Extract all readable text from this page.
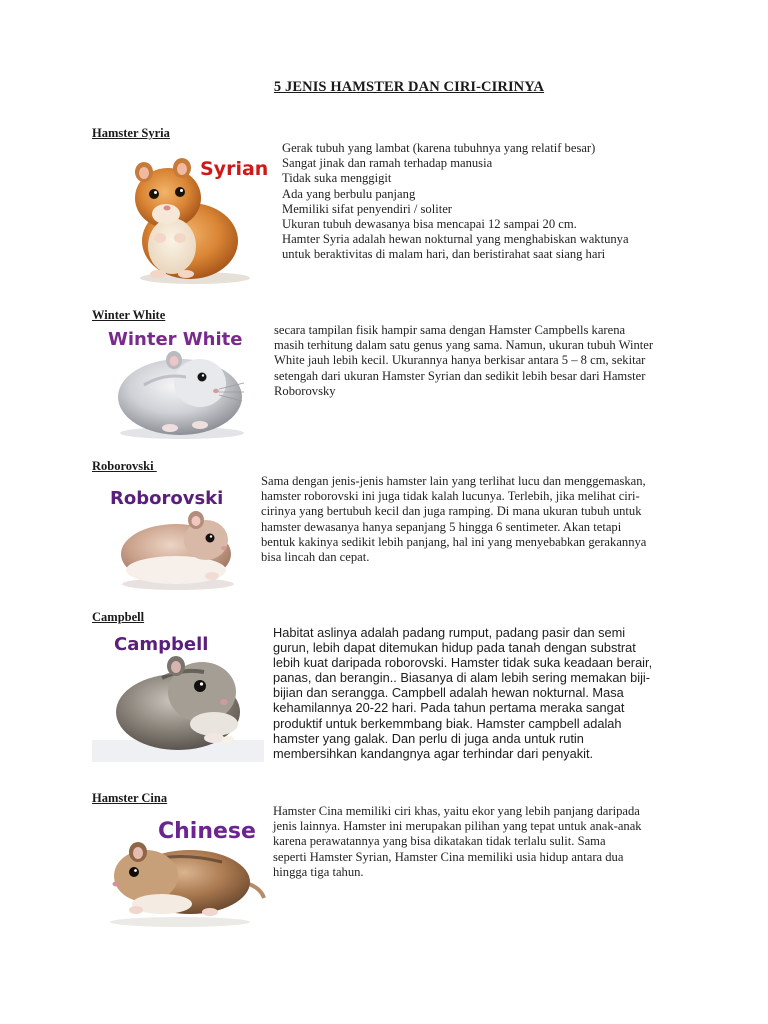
5 JENIS HAMSTER DAN CIRI-CIRINYA
Hamster Syria
Syrian
Gerak tubuh yang lambat (karena tubuhnya yang relatif besar)
Sangat jinak dan ramah terhadap manusia
Tidak suka menggigit
Ada yang berbulu panjang
Memiliki sifat penyendiri / soliter
Ukuran tubuh dewasanya bisa mencapai 12 sampai 20 cm.
Hamter Syria adalah hewan nokturnal yang menghabiskan waktunya
untuk beraktivitas di malam hari, dan beristirahat saat siang hari
Winter White
Winter White	secara tampilan fisik hampir sama dengan Hamster Campbells karena
masih terhitung dalam satu genus yang sama. Namun, ukuran tubuh Winter
White jauh lebih kecil. Ukurannya hanya berkisar antara 5 – 8 cm, sekitar
setengah dari ukuran Hamster Syrian dan sedikit lebih besar dari Hamster
Roborovsky
Roborovski
Roborovski
Sama dengan jenis-jenis hamster lain yang terlihat lucu dan menggemaskan,
hamster roborovski ini juga tidak kalah lucunya. Terlebih, jika melihat ciri-
cirinya yang bertubuh kecil dan juga ramping. Di mana ukuran tubuh untuk
hamster dewasanya hanya sepanjang 5 hingga 6 sentimeter. Akan tetapi
bentuk kakinya sedikit lebih panjang, hal ini yang menyebabkan gerakannya
bisa lincah dan cepat.
Campbell
Campbell
Habitat aslinya adalah padang rumput, padang pasir dan semi
gurun, lebih dapat ditemukan hidup pada tanah dengan substrat
lebih kuat daripada roborovski. Hamster tidak suka keadaan berair,
panas, dan berangin.. Biasanya di alam lebih sering memakan biji-
bijian dan serangga. Campbell adalah hewan nokturnal. Masa
kehamilannya 20-22 hari. Pada tahun pertama meraka sangat
produktif untuk berkemmbang biak. Hamster campbell adalah
hamster yang galak. Dan perlu di juga anda untuk rutin
membersihkan kandangnya agar terhindar dari penyakit.
Hamster Cina
Chinese
Hamster Cina memiliki ciri khas, yaitu ekor yang lebih panjang daripada
jenis lainnya. Hamster ini merupakan pilihan yang tepat untuk anak-anak
karena perawatannya yang bisa dikatakan tidak terlalu sulit. Sama
seperti Hamster Syrian, Hamster Cina memiliki usia hidup antara dua
hingga tiga tahun.
